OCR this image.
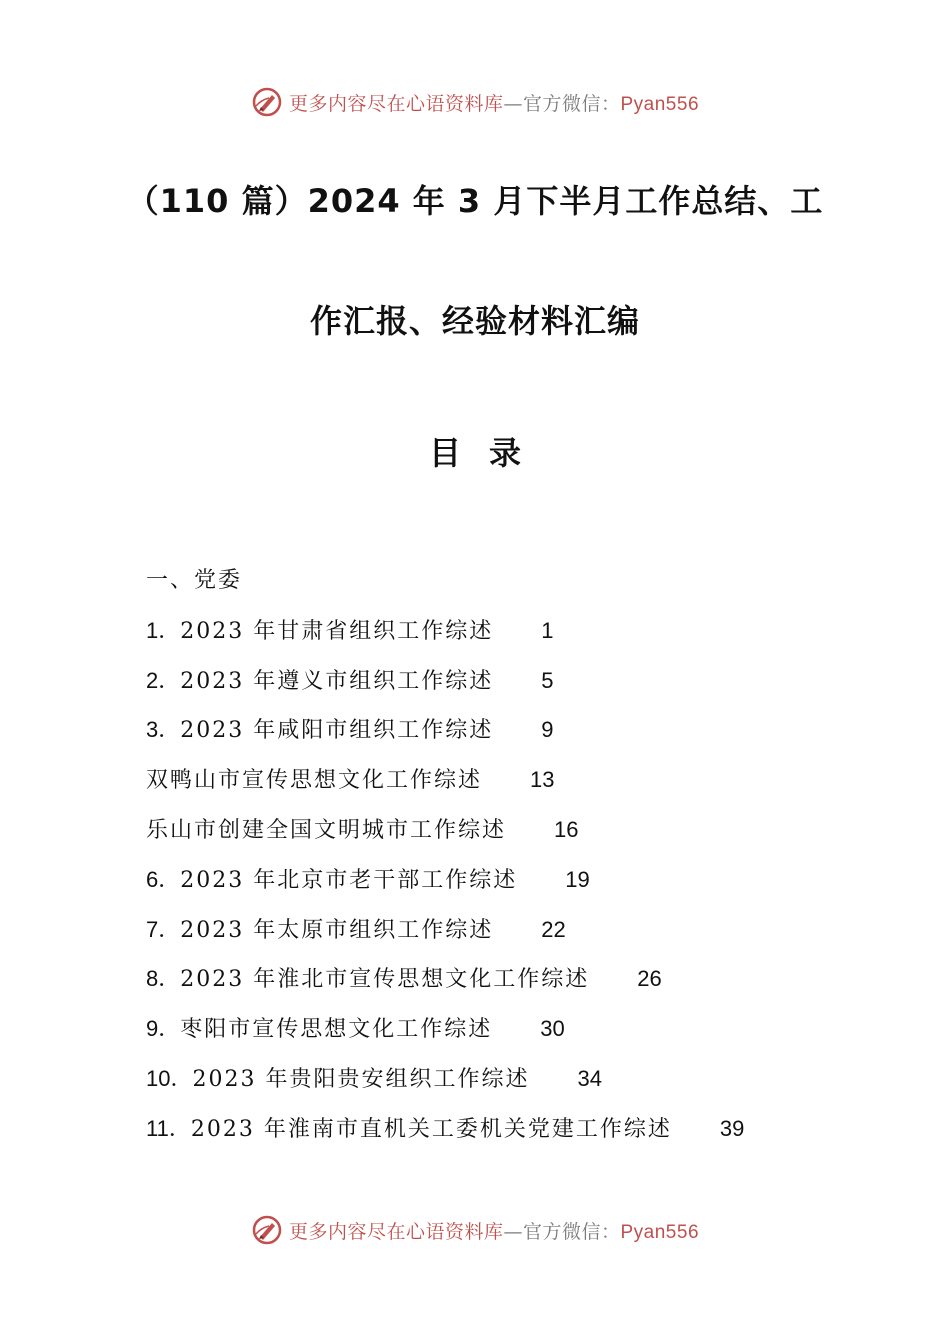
更多内容尽在心语资料库—官方微信：Pyan556
（110 篇）2024 年 3 月下半月工作总结、工
作汇报、经验材料汇编
目录
一、党委
1．2023 年甘肃省组织工作综述 1
2．2023 年遵义市组织工作综述 5
3．2023 年咸阳市组织工作综述 9
双鸭山市宣传思想文化工作综述 13
乐山市创建全国文明城市工作综述 16
6．2023 年北京市老干部工作综述 19
7．2023 年太原市组织工作综述 22
8．2023 年淮北市宣传思想文化工作综述 26
9．枣阳市宣传思想文化工作综述 30
10．2023 年贵阳贵安组织工作综述 34
11．2023 年淮南市直机关工委机关党建工作综述 39
更多内容尽在心语资料库—官方微信：Pyan556
